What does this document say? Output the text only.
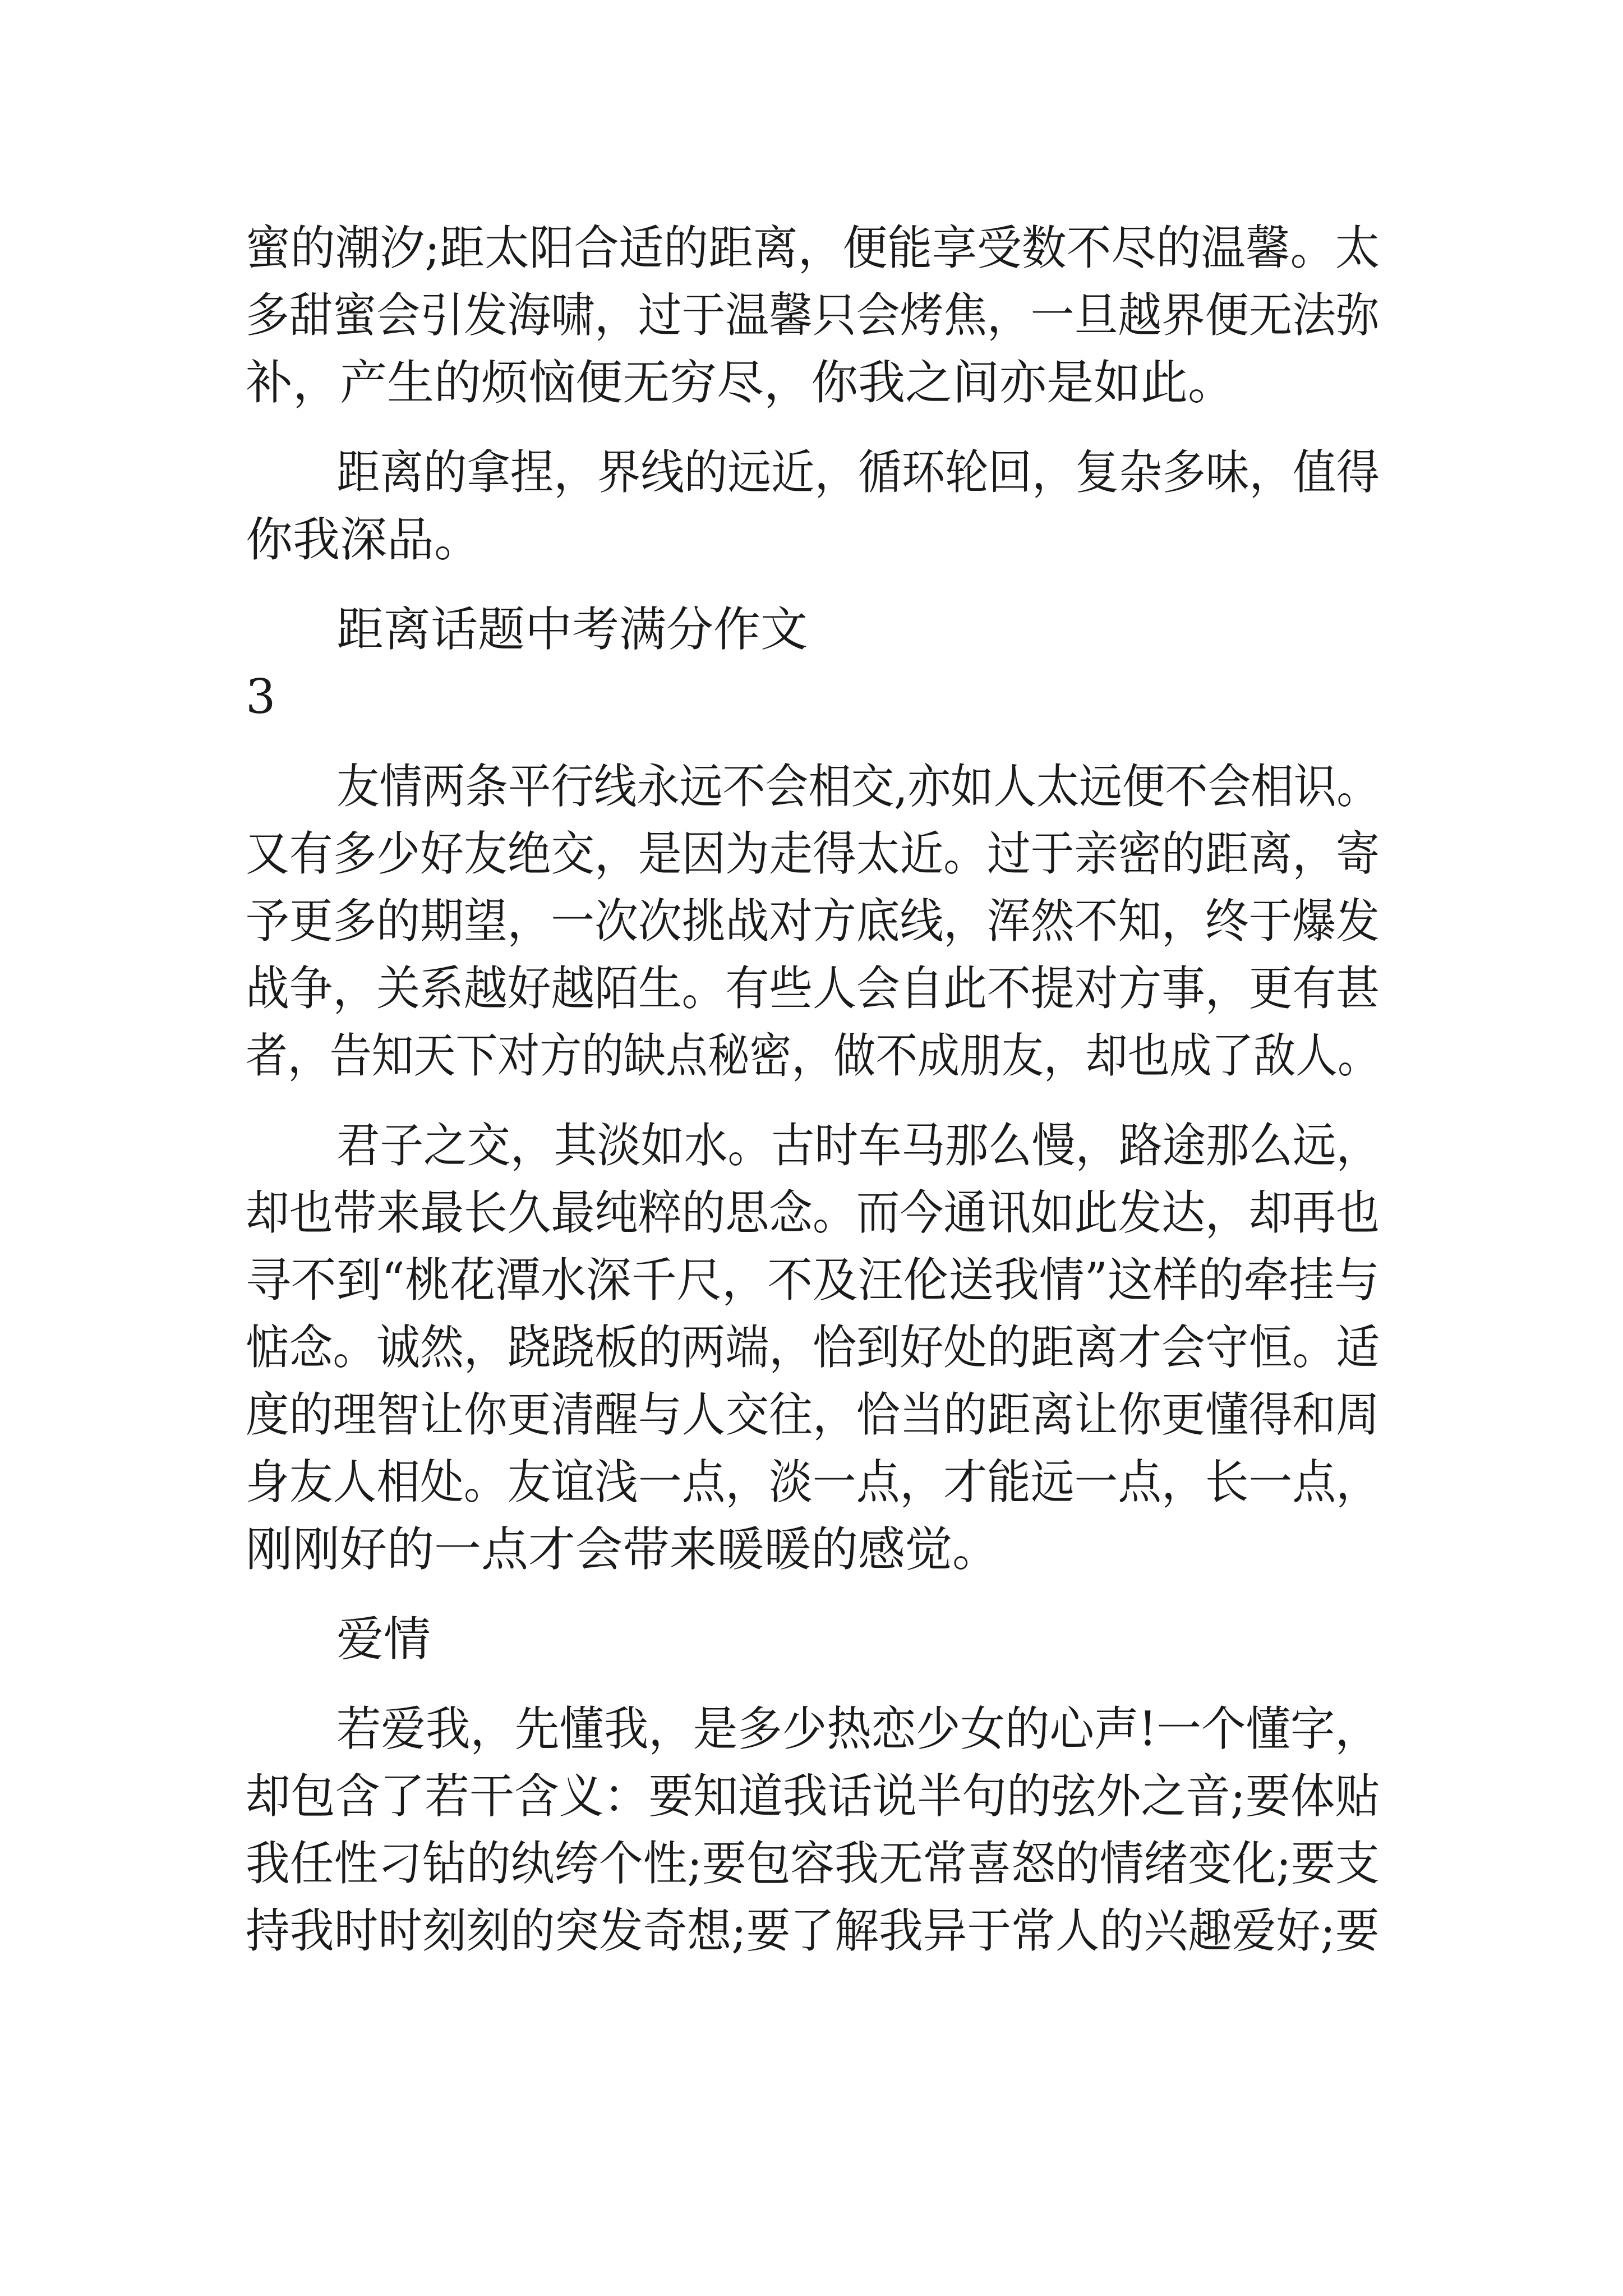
蜜的潮汐;距太阳合适的距离，便能享受数不尽的温馨。太
多甜蜜会引发海啸，过于温馨只会烤焦，一旦越界便无法弥
补，产生的烦恼便无穷尽，你我之间亦是如此。
距离的拿捏，界线的远近，循环轮回，复杂多味，值得
你我深品。
距离话题中考满分作文
3
友情两条平行线永远不会相交,亦如人太远便不会相识。
又有多少好友绝交，是因为走得太近。过于亲密的距离，寄
予更多的期望，一次次挑战对方底线，浑然不知，终于爆发
战争，关系越好越陌生。有些人会自此不提对方事，更有甚
者，告知天下对方的缺点秘密，做不成朋友，却也成了敌人。
君子之交，其淡如水。古时车马那么慢，路途那么远，
却也带来最长久最纯粹的思念。而今通讯如此发达，却再也
寻不到“桃花潭水深千尺，不及汪伦送我情”这样的牵挂与
惦念。诚然，跷跷板的两端，恰到好处的距离才会守恒。适
度的理智让你更清醒与人交往，恰当的距离让你更懂得和周
身友人相处。友谊浅一点，淡一点，才能远一点，长一点，
刚刚好的一点才会带来暖暖的感觉。
爱情
若爱我，先懂我，是多少热恋少女的心声!一个懂字，
却包含了若干含义：要知道我话说半句的弦外之音;要体贴
我任性刁钻的纨绔个性;要包容我无常喜怒的情绪变化;要支
持我时时刻刻的突发奇想;要了解我异于常人的兴趣爱好;要
